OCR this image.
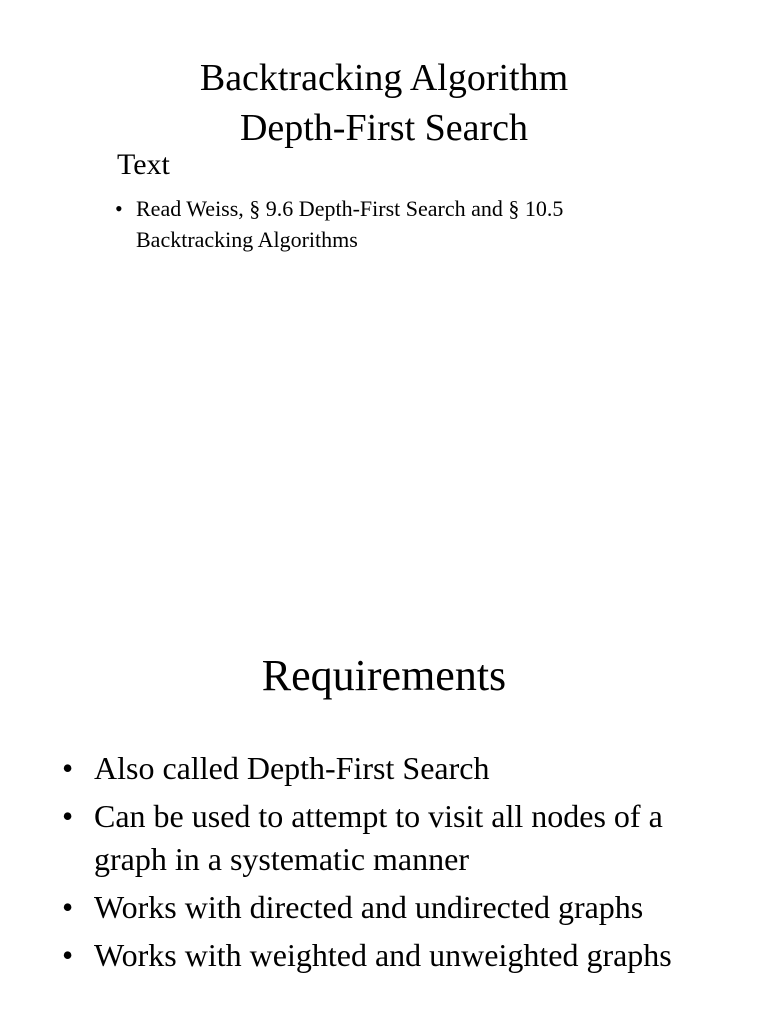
Backtracking Algorithm
Depth-First Search
Text
• Read Weiss, § 9.6 Depth-First Search and § 10.5 Backtracking Algorithms
Requirements
• Also called Depth-First Search
• Can be used to attempt to visit all nodes of a graph in a systematic manner
• Works with directed and undirected graphs
• Works with weighted and unweighted graphs
